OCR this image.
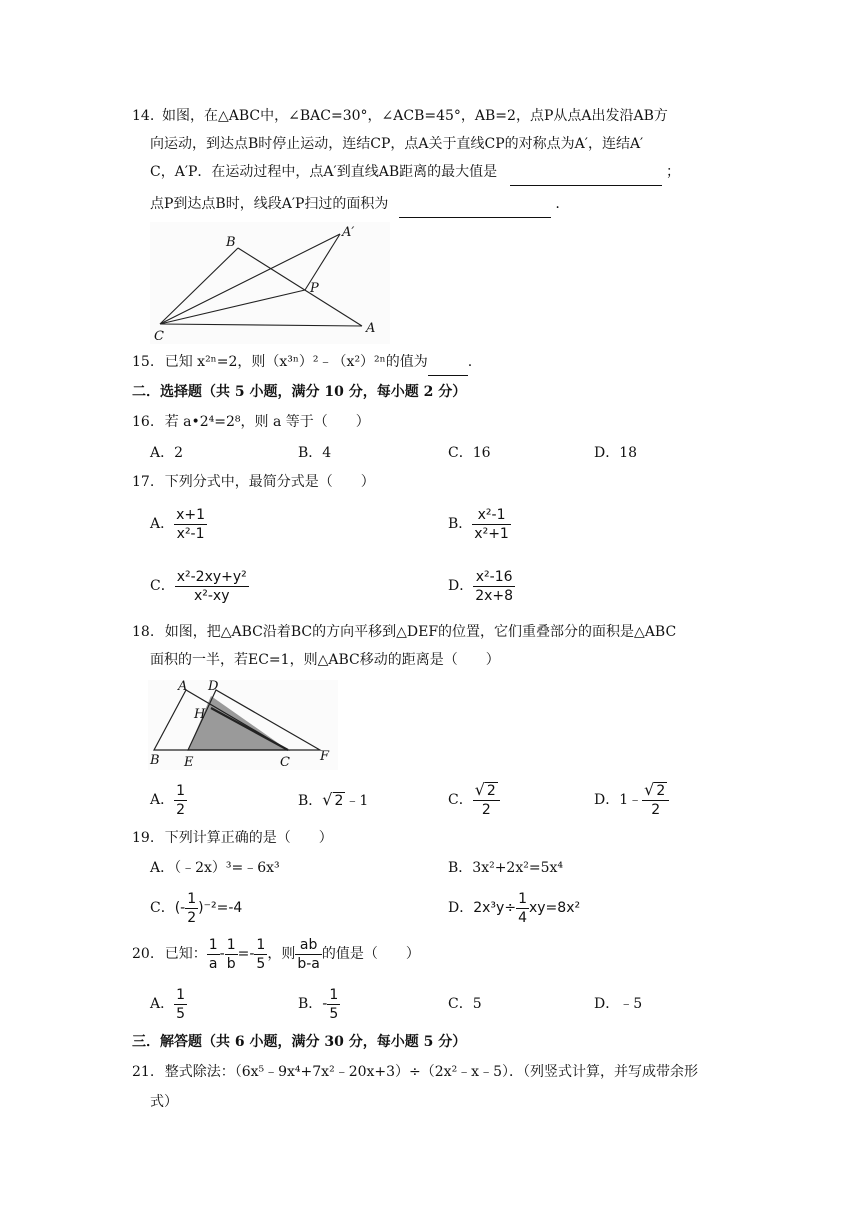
14. 如图，在△ABC中，∠BAC=30°，∠ACB=45°，AB=2，点P从点A出发沿AB方
向运动，到达点B时停止运动，连结CP，点A关于直线CP的对称点为A′，连结A′
C，A′P．在运动过程中，点A′到直线AB距离的最大值是	；
点P到达点B时，线段A′P扫过的面积为	.
B
A′
P
C
A
15. 已知 x²ⁿ=2，则（x³ⁿ）²﹣（x²）²ⁿ的值为	.
二．选择题（共 5 小题，满分 10 分，每小题 2 分）
16. 若 a•2⁴=2⁸，则 a 等于（　　）
A．2	B．4	C．16	D．18
17. 下列分式中，最简分式是（　　）
A． $\frac{x+1}{\text{x²-1}}$	B． $\frac{\text{x²-1}}{\text{x²+1}}$
C． $\frac{\text{x²-2xy+y²}}{\text{x²-xy}}$	D． $\frac{\text{x²-16}}{2x+8}$
18. 如图，把△ABC沿着BC的方向平移到△DEF的位置，它们重叠部分的面积是△ABC
面积的一半，若EC=1，则△ABC移动的距离是（　　）
A D
H
B E	C F
A． $\frac{1}{2}$	B．√ 2 ﹣1	C． $\frac{√ 2}{2}$	D．1﹣ $\frac{√ 2}{2}$
19. 下列计算正确的是（　　）
A．（﹣2x）³=﹣6x³	B．3x²+2x²=5x⁴
C．(- $\frac{1}{2} )^{-2}=-4$	D．$2x^3y\div \frac{1}{4} xy=8x^2$
20. 已知： $\frac{1}{a} - \frac{1}{b} =- \frac{1}{5}$ ，则 $\frac{ab}{b-a}$ 的值是（　　）
A． $\frac{1}{5}$	B．- $\frac{1}{5}$	C．5	D．﹣5
三．解答题（共 6 小题，满分 30 分，每小题 5 分）
21. 整式除法：（6x⁵﹣9x⁴+7x²﹣20x+3）÷（2x²﹣x﹣5）．（列竖式计算，并写成带余形
式）
